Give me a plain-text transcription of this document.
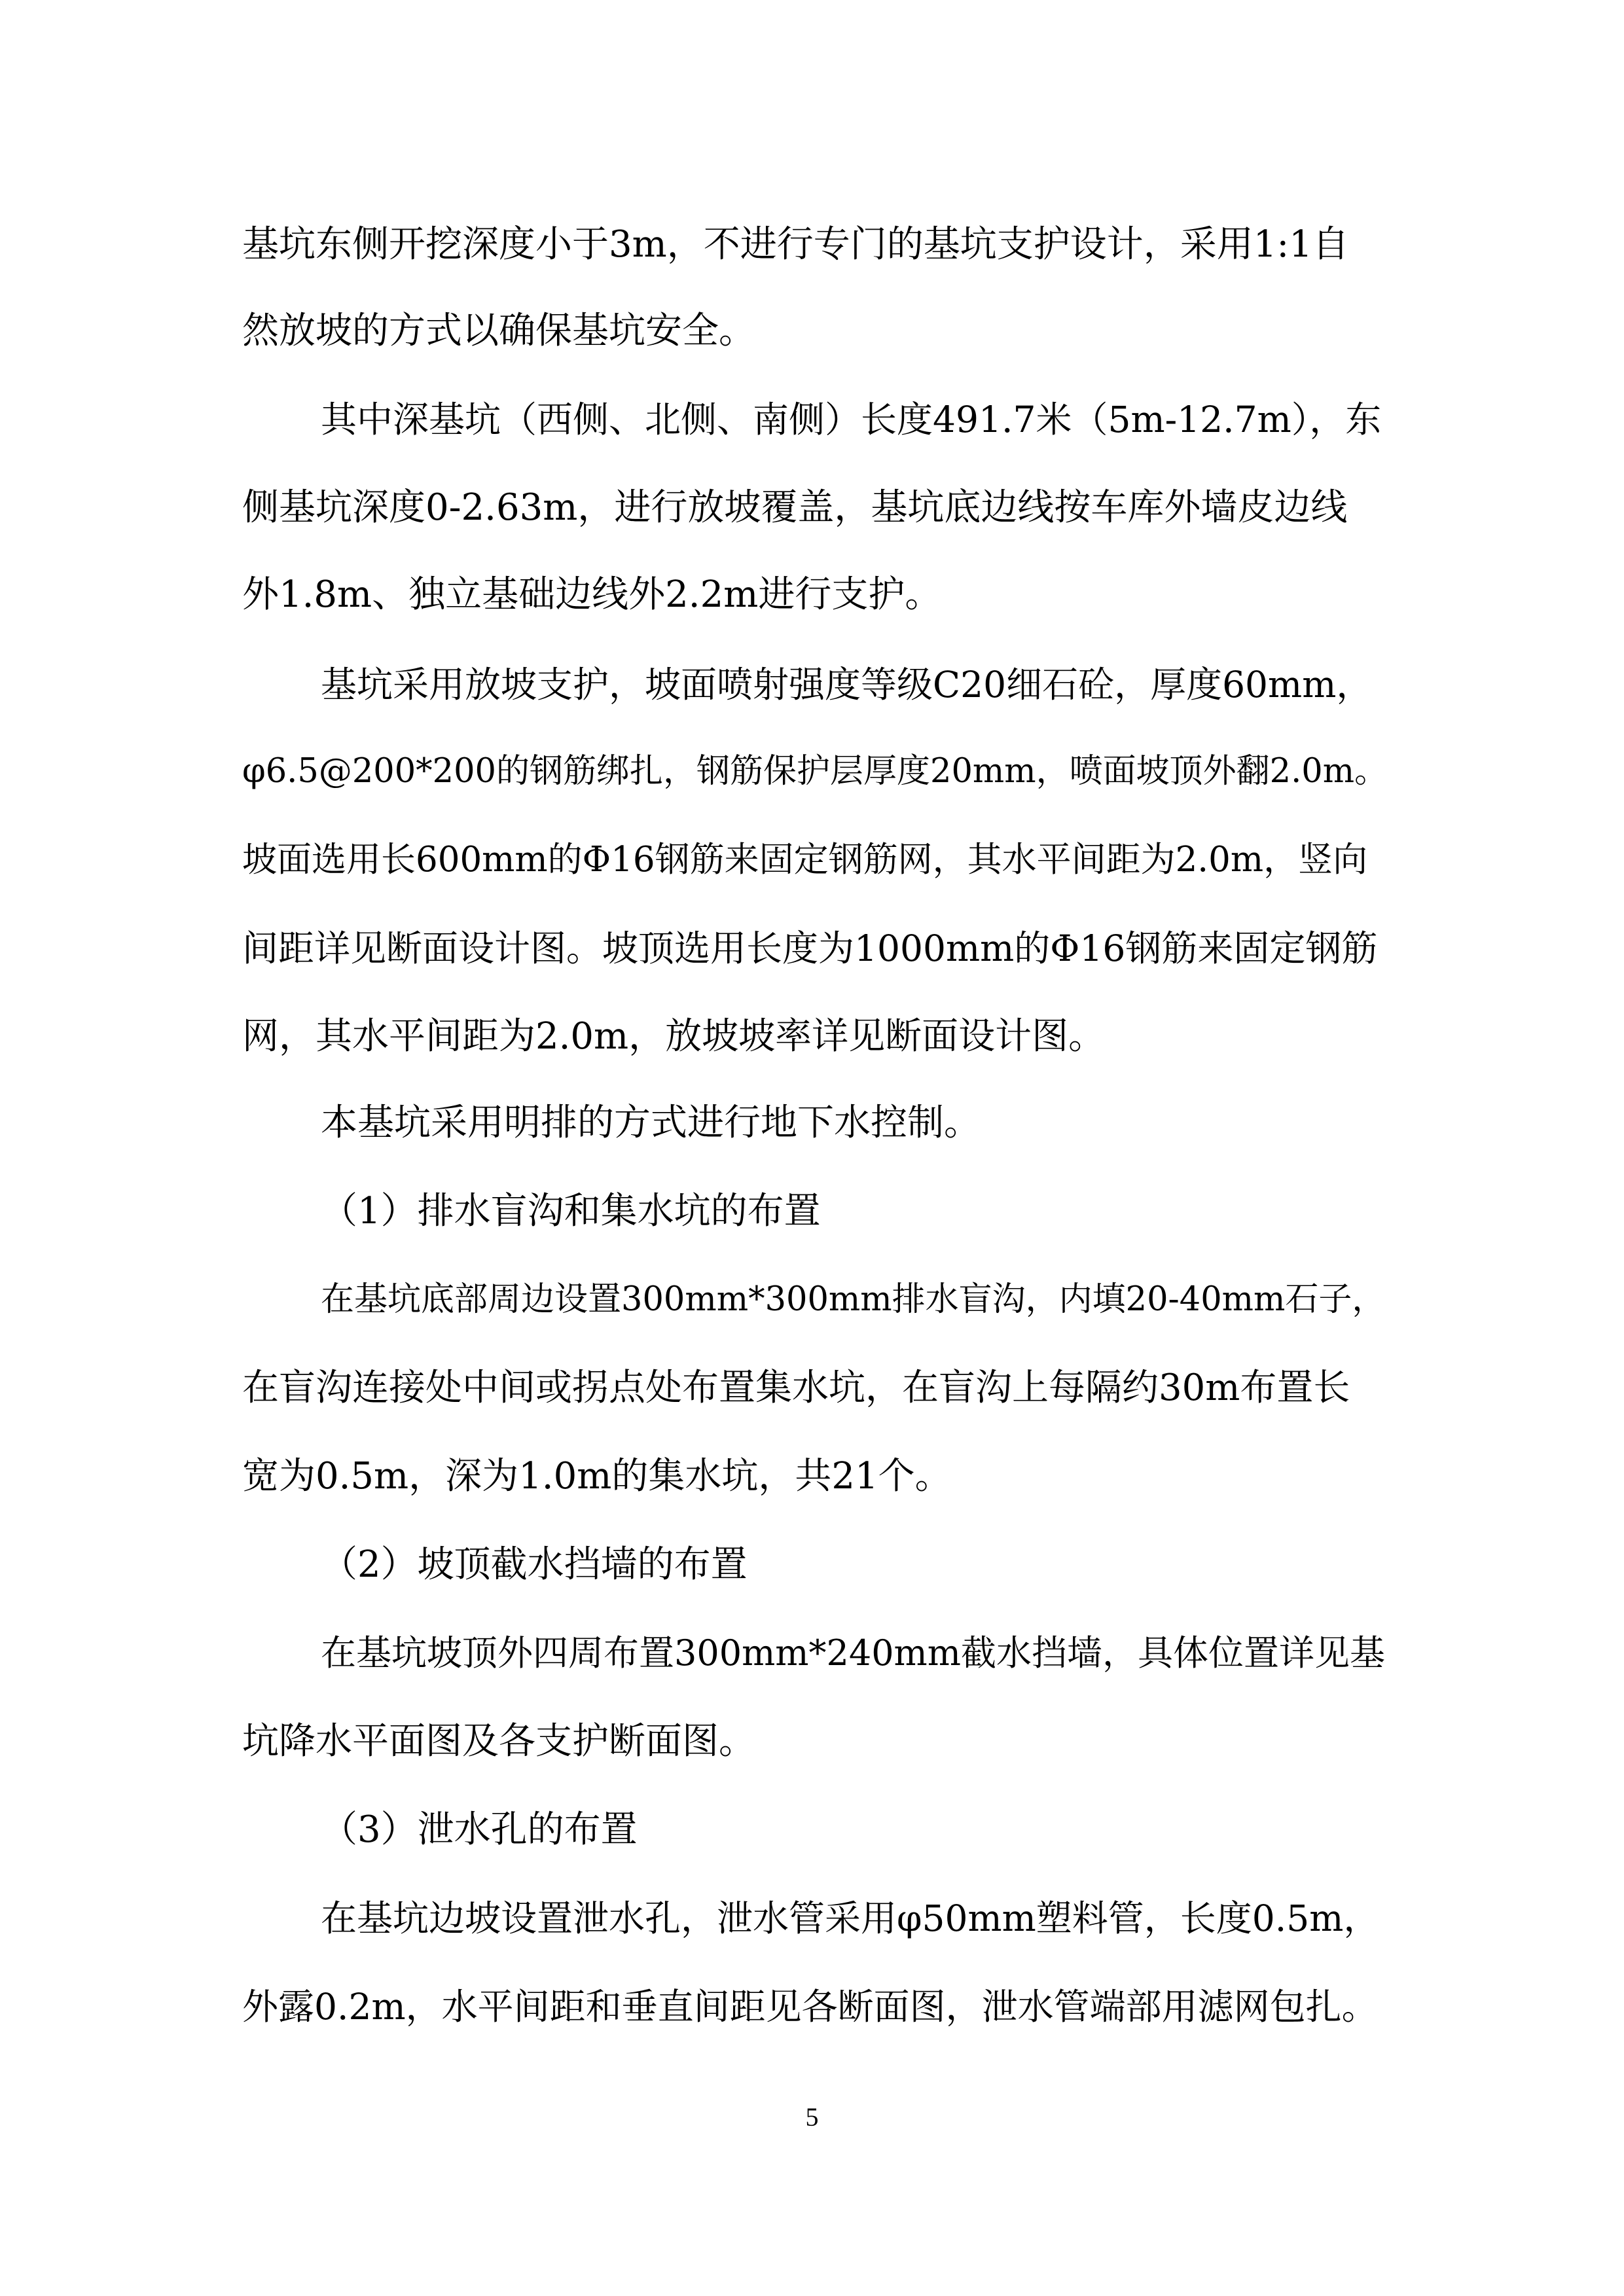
基坑东侧开挖深度小于3m，不进行专门的基坑支护设计，采用1:1自
然放坡的方式以确保基坑安全。
其中深基坑（西侧、北侧、南侧）长度491.7米（5m-12.7m），东
侧基坑深度0-2.63m，进行放坡覆盖，基坑底边线按车库外墙皮边线
外1.8m、独立基础边线外2.2m进行支护。
基坑采用放坡支护，坡面喷射强度等级C20细石砼，厚度60mm，
φ6.5@200*200的钢筋绑扎，钢筋保护层厚度20mm，喷面坡顶外翻2.0m。
坡面选用长600mm的Φ16钢筋来固定钢筋网，其水平间距为2.0m，竖向
间距详见断面设计图。坡顶选用长度为1000mm的Φ16钢筋来固定钢筋
网，其水平间距为2.0m，放坡坡率详见断面设计图。
本基坑采用明排的方式进行地下水控制。
（1）排水盲沟和集水坑的布置
在基坑底部周边设置300mm*300mm排水盲沟，内填20-40mm石子，
在盲沟连接处中间或拐点处布置集水坑，在盲沟上每隔约30m布置长
宽为0.5m，深为1.0m的集水坑，共21个。
（2）坡顶截水挡墙的布置
在基坑坡顶外四周布置300mm*240mm截水挡墙，具体位置详见基
坑降水平面图及各支护断面图。
（3）泄水孔的布置
在基坑边坡设置泄水孔，泄水管采用φ50mm塑料管，长度0.5m，
外露0.2m，水平间距和垂直间距见各断面图，泄水管端部用滤网包扎。
5
